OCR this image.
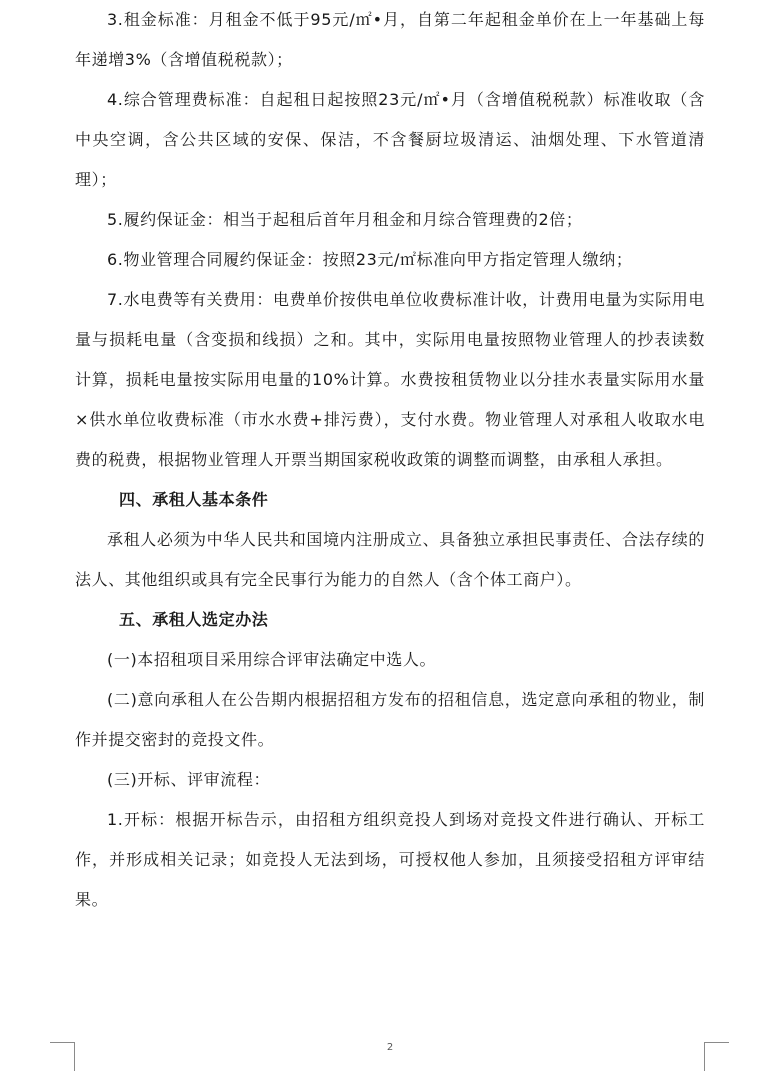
3.租金标准：月租金不低于95元/㎡•月，自第二年起租金单价在上一年基础上每年递增3%（含增值税税款）；

4.综合管理费标准：自起租日起按照23元/㎡•月（含增值税税款）标准收取（含中央空调，含公共区域的安保、保洁，不含餐厨垃圾清运、油烟处理、下水管道清理）；

5.履约保证金：相当于起租后首年月租金和月综合管理费的2倍；

6.物业管理合同履约保证金：按照23元/㎡标准向甲方指定管理人缴纳；

7.水电费等有关费用：电费单价按供电单位收费标准计收，计费用电量为实际用电量与损耗电量（含变损和线损）之和。其中，实际用电量按照物业管理人的抄表读数计算，损耗电量按实际用电量的10%计算。水费按租赁物业以分挂水表量实际用水量×供水单位收费标准（市水水费+排污费），支付水费。物业管理人对承租人收取水电费的税费，根据物业管理人开票当期国家税收政策的调整而调整，由承租人承担。

四、承租人基本条件

承租人必须为中华人民共和国境内注册成立、具备独立承担民事责任、合法存续的法人、其他组织或具有完全民事行为能力的自然人（含个体工商户）。

五、承租人选定办法

(一)本招租项目采用综合评审法确定中选人。

(二)意向承租人在公告期内根据招租方发布的招租信息，选定意向承租的物业，制作并提交密封的竞投文件。

(三)开标、评审流程：

1.开标：根据开标告示，由招租方组织竞投人到场对竞投文件进行确认、开标工作，并形成相关记录；如竞投人无法到场，可授权他人参加，且须接受招租方评审结果。

2
